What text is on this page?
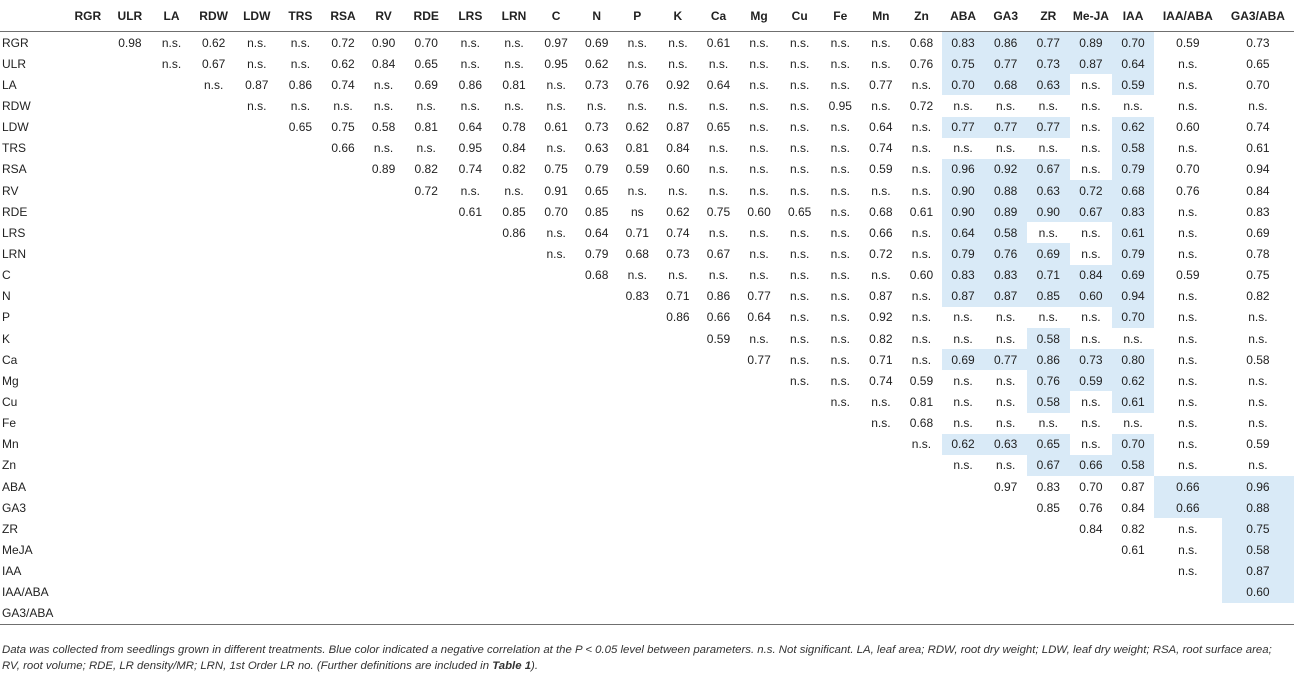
	RGR	ULR	LA	RDW	LDW	TRS	RSA	RV	RDE	LRS	LRN	C	N	P	K	Ca	Mg	Cu	Fe	Mn	Zn	ABA	GA3	ZR	Me-JA	IAA	IAA/ABA	GA3/ABA
RGR		0.98	n.s.	0.62	n.s.	n.s.	0.72	0.90	0.70	n.s.	n.s.	0.97	0.69	n.s.	n.s.	0.61	n.s.	n.s.	n.s.	n.s.	0.68	0.83	0.86	0.77	0.89	0.70	0.59	0.73
ULR			n.s.	0.67	n.s.	n.s.	0.62	0.84	0.65	n.s.	n.s.	0.95	0.62	n.s.	n.s.	n.s.	n.s.	n.s.	n.s.	n.s.	0.76	0.75	0.77	0.73	0.87	0.64	n.s.	0.65
LA				n.s.	0.87	0.86	0.74	n.s.	0.69	0.86	0.81	n.s.	0.73	0.76	0.92	0.64	n.s.	n.s.	n.s.	0.77	n.s.	0.70	0.68	0.63	n.s.	0.59	n.s.	0.70
RDW					n.s.	n.s.	n.s.	n.s.	n.s.	n.s.	n.s.	n.s.	n.s.	n.s.	n.s.	n.s.	n.s.	n.s.	0.95	n.s.	0.72	n.s.	n.s.	n.s.	n.s.	n.s.	n.s.	n.s.
LDW						0.65	0.75	0.58	0.81	0.64	0.78	0.61	0.73	0.62	0.87	0.65	n.s.	n.s.	n.s.	0.64	n.s.	0.77	0.77	0.77	n.s.	0.62	0.60	0.74
TRS							0.66	n.s.	n.s.	0.95	0.84	n.s.	0.63	0.81	0.84	n.s.	n.s.	n.s.	n.s.	0.74	n.s.	n.s.	n.s.	n.s.	n.s.	0.58	n.s.	0.61
RSA								0.89	0.82	0.74	0.82	0.75	0.79	0.59	0.60	n.s.	n.s.	n.s.	n.s.	0.59	n.s.	0.96	0.92	0.67	n.s.	0.79	0.70	0.94
RV									0.72	n.s.	n.s.	0.91	0.65	n.s.	n.s.	n.s.	n.s.	n.s.	n.s.	n.s.	n.s.	0.90	0.88	0.63	0.72	0.68	0.76	0.84
RDE										0.61	0.85	0.70	0.85	ns	0.62	0.75	0.60	0.65	n.s.	0.68	0.61	0.90	0.89	0.90	0.67	0.83	n.s.	0.83
LRS											0.86	n.s.	0.64	0.71	0.74	n.s.	n.s.	n.s.	n.s.	0.66	n.s.	0.64	0.58	n.s.	n.s.	0.61	n.s.	0.69
LRN												n.s.	0.79	0.68	0.73	0.67	n.s.	n.s.	n.s.	0.72	n.s.	0.79	0.76	0.69	n.s.	0.79	n.s.	0.78
C													0.68	n.s.	n.s.	n.s.	n.s.	n.s.	n.s.	n.s.	0.60	0.83	0.83	0.71	0.84	0.69	0.59	0.75
N														0.83	0.71	0.86	0.77	n.s.	n.s.	0.87	n.s.	0.87	0.87	0.85	0.60	0.94	n.s.	0.82
P															0.86	0.66	0.64	n.s.	n.s.	0.92	n.s.	n.s.	n.s.	n.s.	n.s.	0.70	n.s.	n.s.
K																0.59	n.s.	n.s.	n.s.	0.82	n.s.	n.s.	n.s.	0.58	n.s.	n.s.	n.s.	n.s.
Ca																	0.77	n.s.	n.s.	0.71	n.s.	0.69	0.77	0.86	0.73	0.80	n.s.	0.58
Mg																		n.s.	n.s.	0.74	0.59	n.s.	n.s.	0.76	0.59	0.62	n.s.	n.s.
Cu																			n.s.	n.s.	0.81	n.s.	n.s.	0.58	n.s.	0.61	n.s.	n.s.
Fe																				n.s.	0.68	n.s.	n.s.	n.s.	n.s.	n.s.	n.s.	n.s.
Mn																					n.s.	0.62	0.63	0.65	n.s.	0.70	n.s.	0.59
Zn																						n.s.	n.s.	0.67	0.66	0.58	n.s.	n.s.
ABA																							0.97	0.83	0.70	0.87	0.66	0.96
GA3																								0.85	0.76	0.84	0.66	0.88
ZR																									0.84	0.82	n.s.	0.75
MeJA																										0.61	n.s.	0.58
IAA																											n.s.	0.87
IAA/ABA																												0.60
GA3/ABA																												
Data was collected from seedlings grown in different treatments. Blue color indicated a negative correlation at the P < 0.05 level between parameters. n.s. Not significant. LA, leaf area; RDW, root dry weight; LDW, leaf dry weight; RSA, root surface area; RV, root volume; RDE, LR density/MR; LRN, 1st Order LR no. (Further definitions are included in Table 1).
